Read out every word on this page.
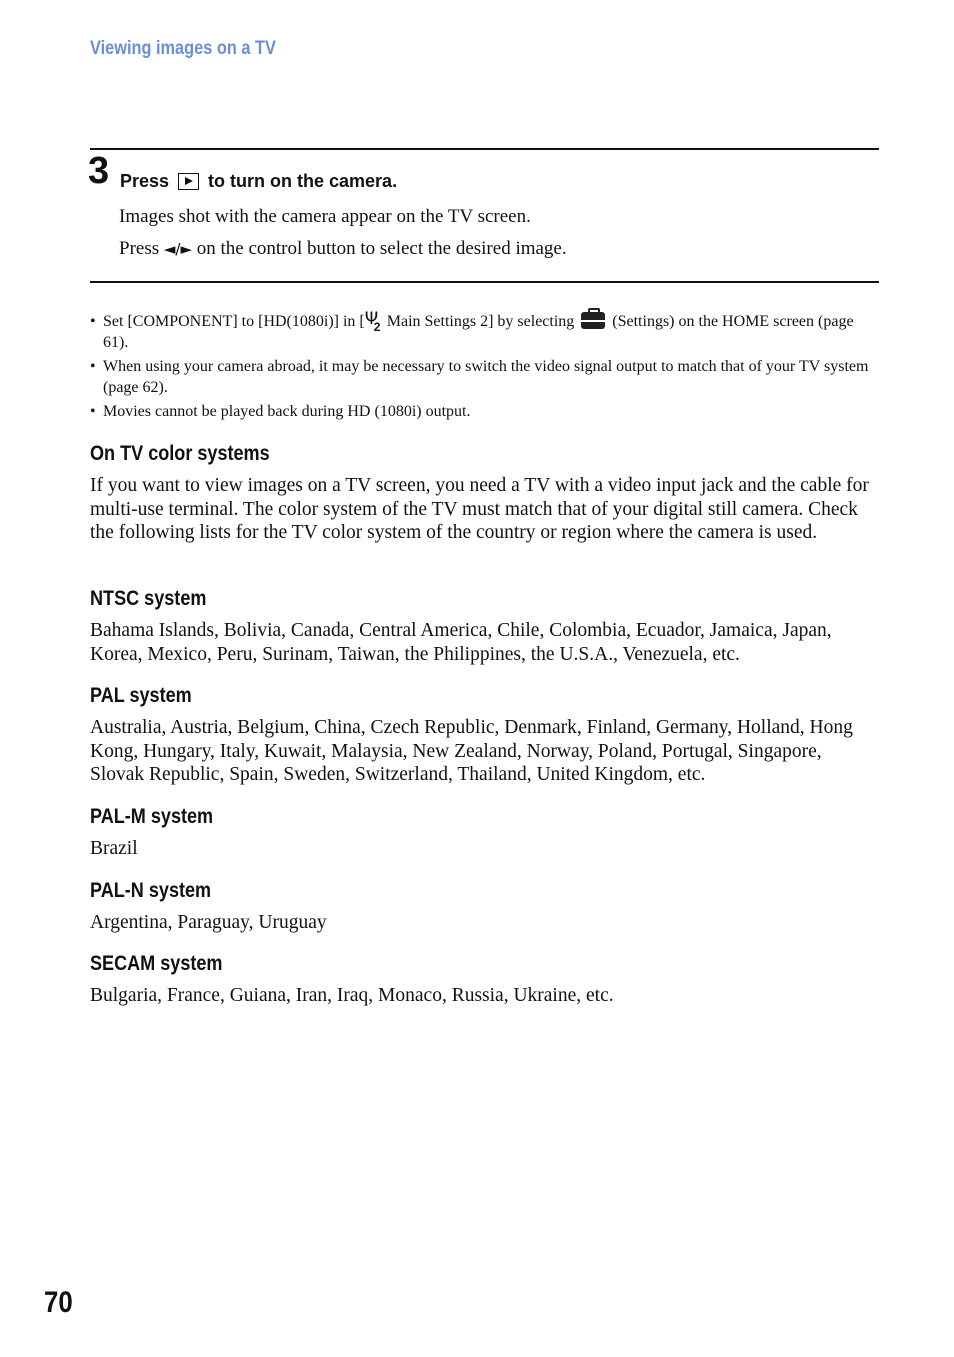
Viewing images on a TV
3 Press to turn on the camera.
Images shot with the camera appear on the TV screen.
Press ◄/► on the control button to select the desired image.
• Set [COMPONENT] to [HD(1080i)] in [Ψ 2 Main Settings 2] by selecting (Settings) on the HOME screen (page 61).
• When using your camera abroad, it may be necessary to switch the video signal output to match that of your TV system (page 62).
• Movies cannot be played back during HD (1080i) output.
On TV color systems
If you want to view images on a TV screen, you need a TV with a video input jack and the cable for multi-use terminal. The color system of the TV must match that of your digital still camera. Check the following lists for the TV color system of the country or region where the camera is used.
NTSC system
Bahama Islands, Bolivia, Canada, Central America, Chile, Colombia, Ecuador, Jamaica, Japan, Korea, Mexico, Peru, Surinam, Taiwan, the Philippines, the U.S.A., Venezuela, etc.
PAL system
Australia, Austria, Belgium, China, Czech Republic, Denmark, Finland, Germany, Holland, Hong Kong, Hungary, Italy, Kuwait, Malaysia, New Zealand, Norway, Poland, Portugal, Singapore, Slovak Republic, Spain, Sweden, Switzerland, Thailand, United Kingdom, etc.
PAL-M system
Brazil
PAL-N system
Argentina, Paraguay, Uruguay
SECAM system
Bulgaria, France, Guiana, Iran, Iraq, Monaco, Russia, Ukraine, etc.
70
